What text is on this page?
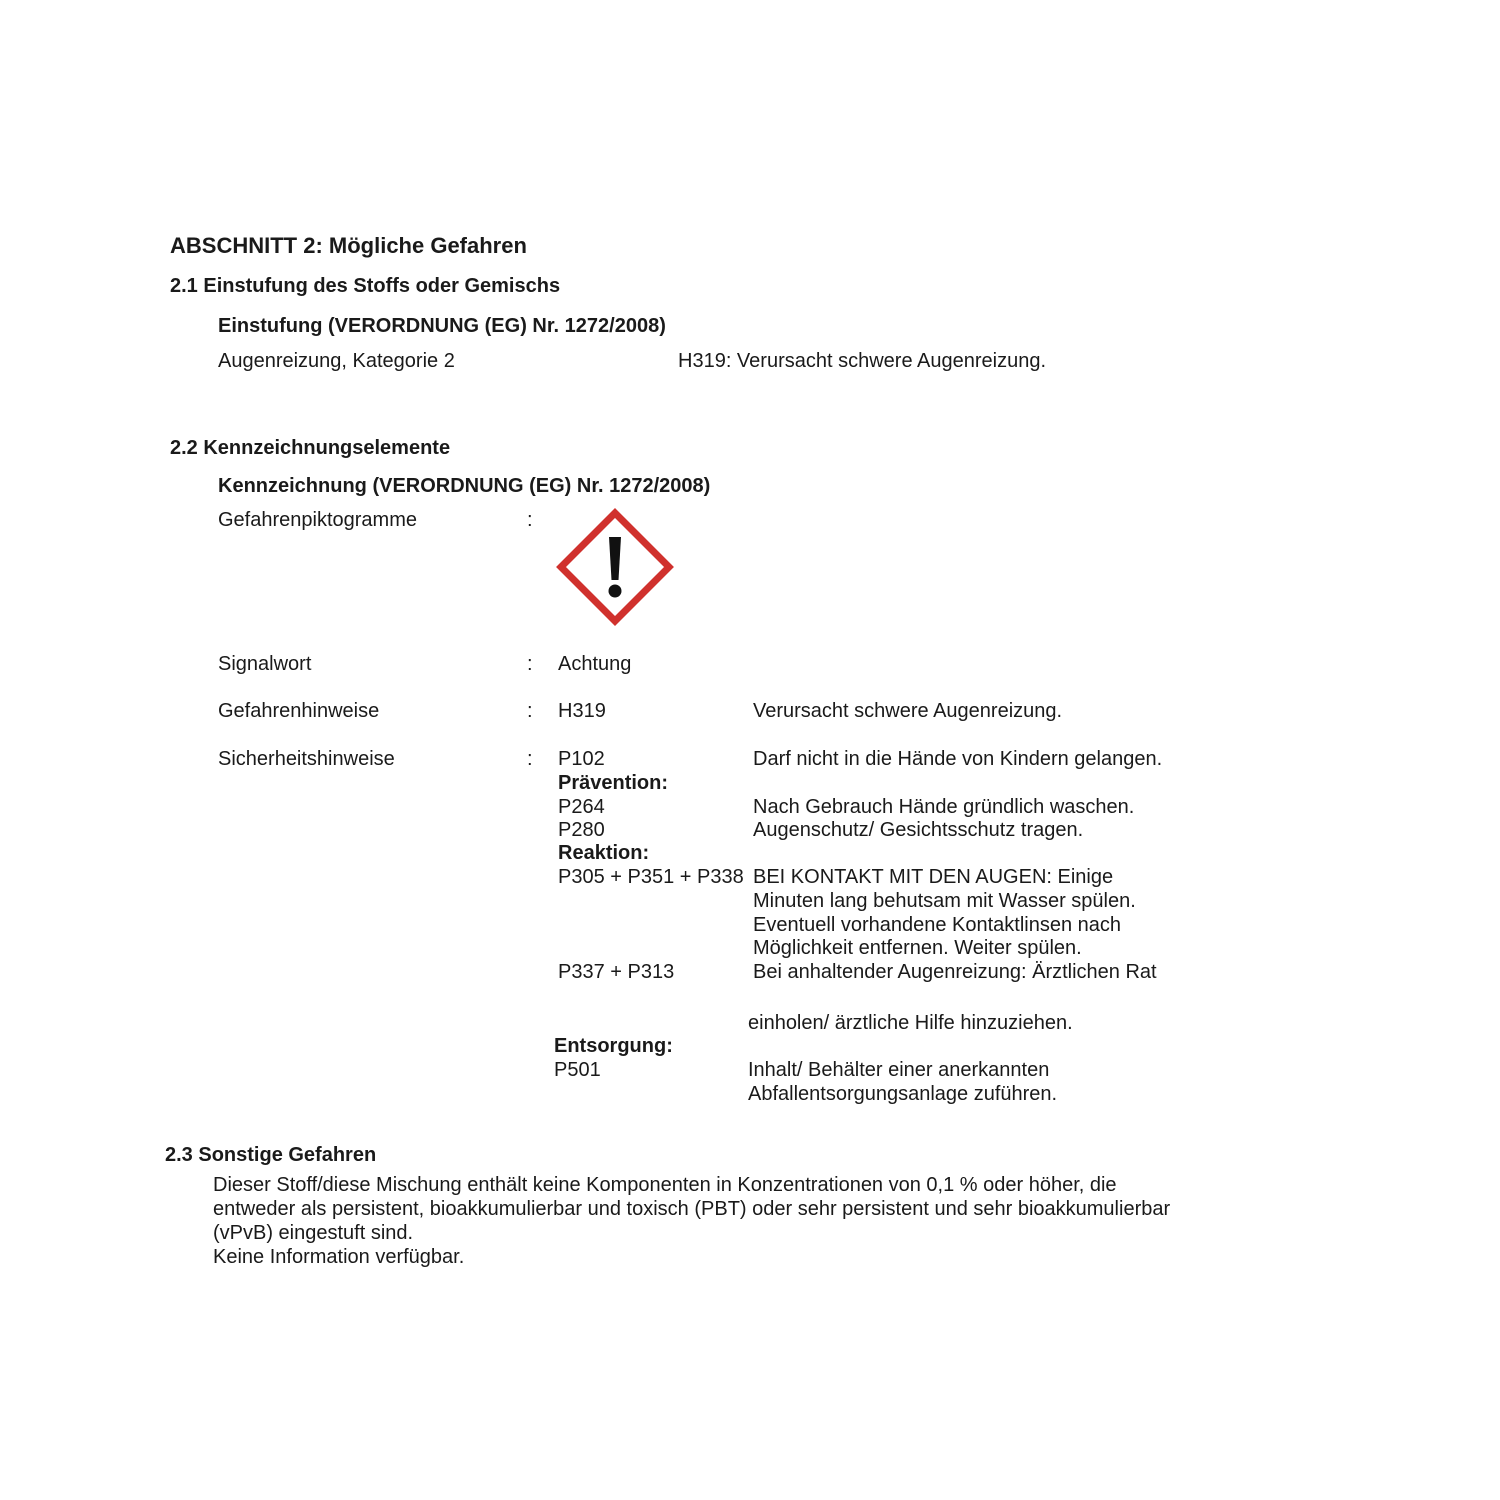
ABSCHNITT 2: Mögliche Gefahren
2.1 Einstufung des Stoffs oder Gemischs
Einstufung (VERORDNUNG (EG) Nr. 1272/2008)
Augenreizung, Kategorie 2	H319: Verursacht schwere Augenreizung.
2.2 Kennzeichnungselemente
Kennzeichnung (VERORDNUNG (EG) Nr. 1272/2008)
Gefahrenpiktogramme	:
Signalwort	: Achtung
Gefahrenhinweise	: H319	Verursacht schwere Augenreizung.
Sicherheitshinweise	: P102	Darf nicht in die Hände von Kindern gelangen.
Prävention:
P264	Nach Gebrauch Hände gründlich waschen.
P280	Augenschutz/ Gesichtsschutz tragen.
Reaktion:
P305 + P351 + P338 BEI KONTAKT MIT DEN AUGEN: Einige
Minuten lang behutsam mit Wasser spülen.
Eventuell vorhandene Kontaktlinsen nach
Möglichkeit entfernen. Weiter spülen.
P337 + P313	Bei anhaltender Augenreizung: Ärztlichen Rat
einholen/ ärztliche Hilfe hinzuziehen.
Entsorgung:
P501	Inhalt/ Behälter einer anerkannten
Abfallentsorgungsanlage zuführen.
2.3 Sonstige Gefahren
Dieser Stoff/diese Mischung enthält keine Komponenten in Konzentrationen von 0,1 % oder höher, die
entweder als persistent, bioakkumulierbar und toxisch (PBT) oder sehr persistent und sehr bioakkumulierbar
(vPvB) eingestuft sind.
Keine Information verfügbar.
